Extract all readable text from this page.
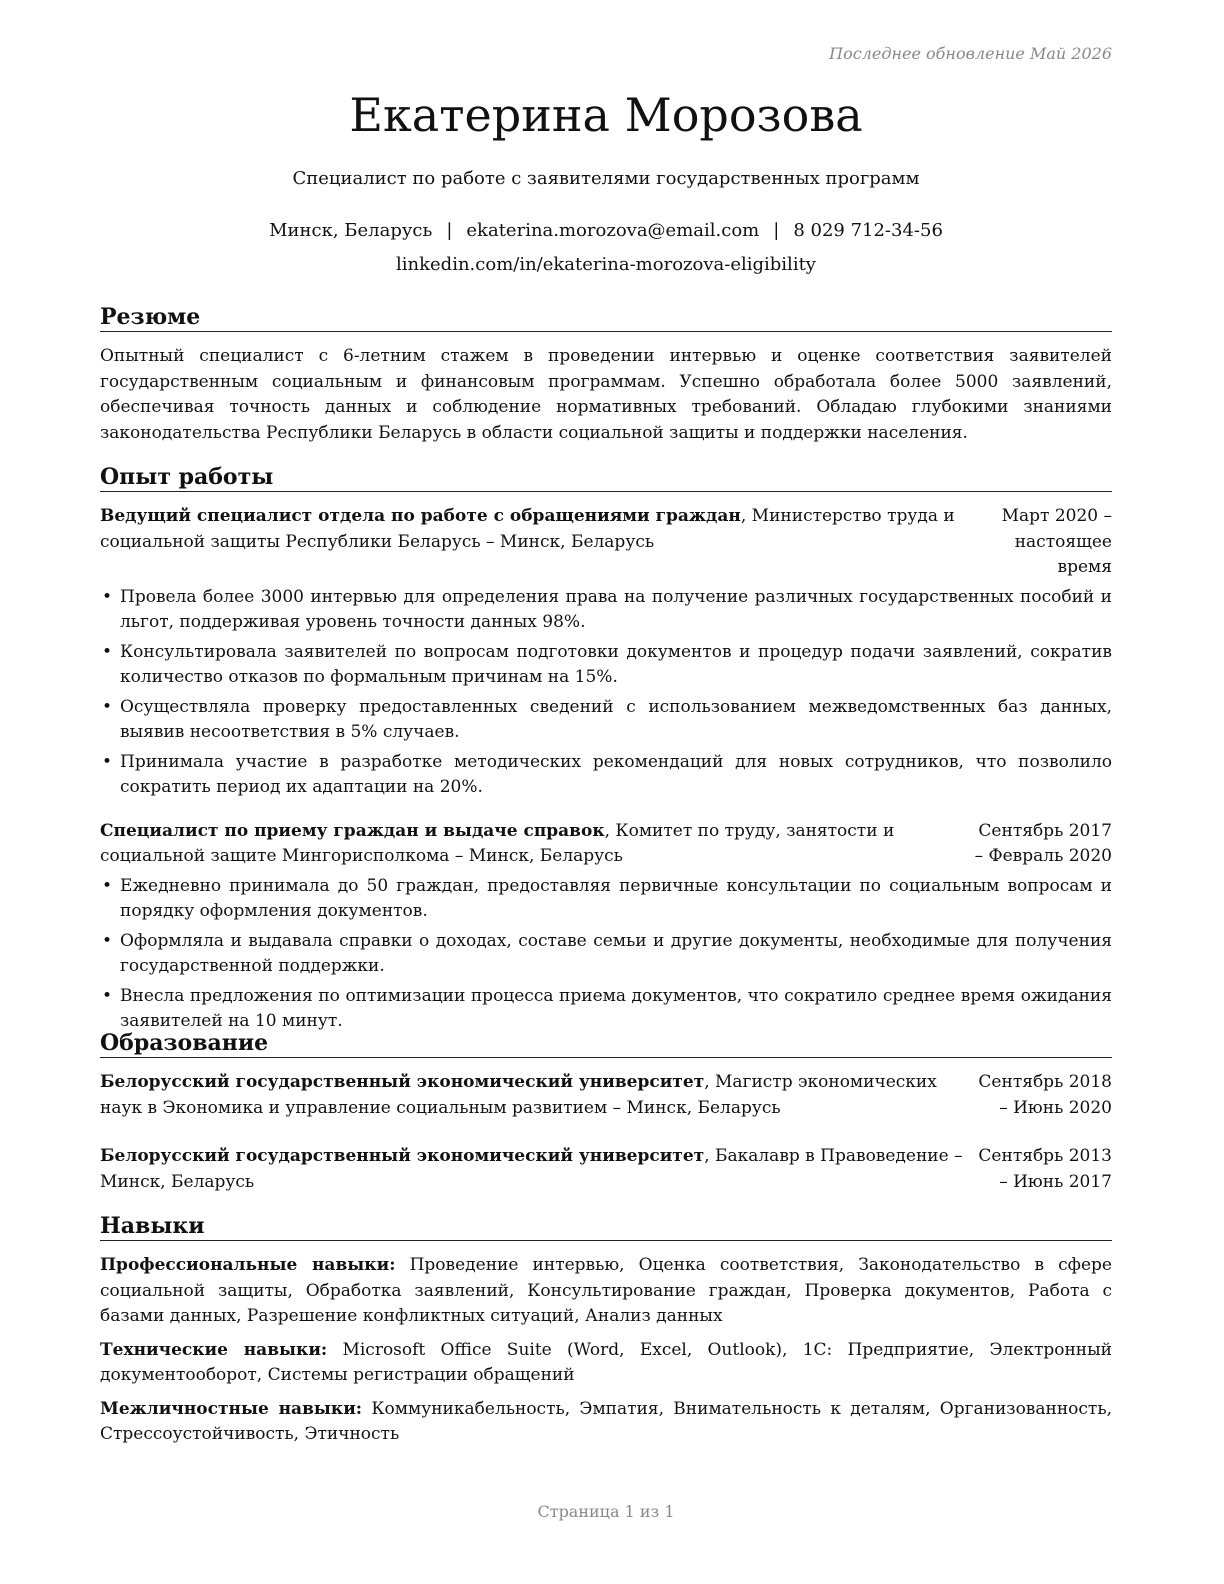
Последнее обновление Май 2026
Екатерина Морозова
Специалист по работе с заявителями государственных программ
Минск, Беларусь | ekaterina.morozova@email.com | 8 029 712-34-56
linkedin.com/in/ekaterina-morozova-eligibility
Резюме

Опытный специалист с 6-летним стажем в проведении интервью и оценке соответствия заявителей государственным социальным и финансовым программам. Успешно обработала более 5000 заявлений, обеспечивая точность данных и соблюдение нормативных требований. Обладаю глубокими знаниями законодательства Республики Беларусь в области социальной защиты и поддержки населения.

Опыт работы
Ведущий специалист отдела по работе с обращениями граждан, Министерство труда и социальной защиты Республики Беларусь – Минск, Беларусь
Март 2020 – настоящее время
• Провела более 3000 интервью для определения права на получение различных государственных пособий и льгот, поддерживая уровень точности данных 98%.
• Консультировала заявителей по вопросам подготовки документов и процедур подачи заявлений, сократив количество отказов по формальным причинам на 15%.
• Осуществляла проверку предоставленных сведений с использованием межведомственных баз данных, выявив несоответствия в 5% случаев.
• Принимала участие в разработке методических рекомендаций для новых сотрудников, что позволило сократить период их адаптации на 20%.
Специалист по приему граждан и выдаче справок, Комитет по труду, занятости и социальной защите Мингорисполкома – Минск, Беларусь
Сентябрь 2017 – Февраль 2020
• Ежедневно принимала до 50 граждан, предоставляя первичные консультации по социальным вопросам и порядку оформления документов.
• Оформляла и выдавала справки о доходах, составе семьи и другие документы, необходимые для получения государственной поддержки.
• Внесла предложения по оптимизации процесса приема документов, что сократило среднее время ожидания заявителей на 10 минут.
Образование
Белорусский государственный экономический университет, Магистр экономических наук в Экономика и управление социальным развитием – Минск, Беларусь
Сентябрь 2018 – Июнь 2020
Белорусский государственный экономический университет, Бакалавр в Правоведение – Минск, Беларусь
Сентябрь 2013 – Июнь 2017
Навыки

Профессиональные навыки: Проведение интервью, Оценка соответствия, Законодательство в сфере социальной защиты, Обработка заявлений, Консультирование граждан, Проверка документов, Работа с базами данных, Разрешение конфликтных ситуаций, Анализ данных

Технические навыки: Microsoft Office Suite (Word, Excel, Outlook), 1С: Предприятие, Электронный документооборот, Системы регистрации обращений

Межличностные навыки: Коммуникабельность, Эмпатия, Внимательность к деталям, Организованность, Стрессоустойчивость, Этичность

Страница 1 из 1
